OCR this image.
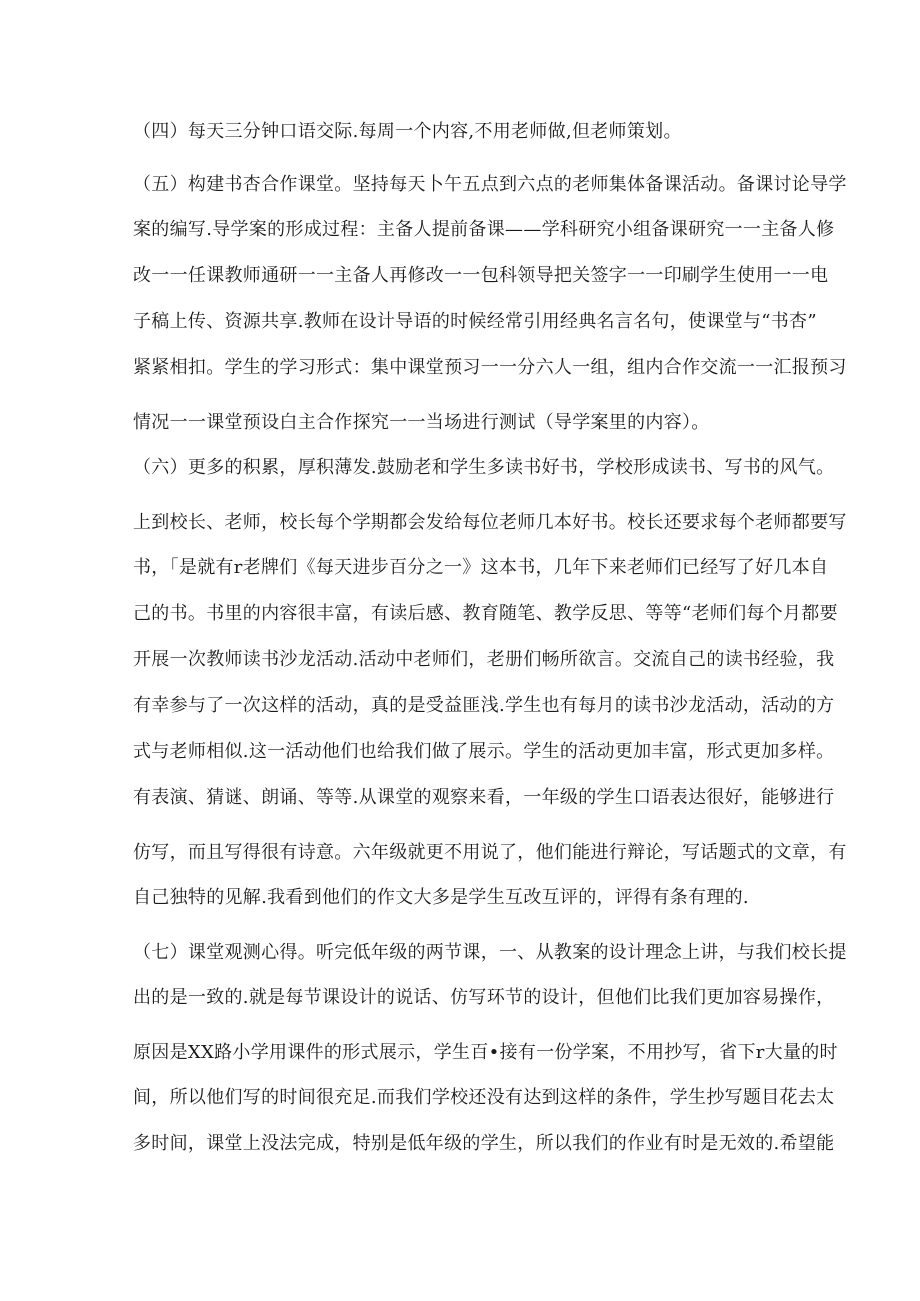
（四）每天三分钟口语交际.每周一个内容,不用老师做,但老师策划。
（五）构建书杏合作课堂。坚持每天卜午五点到六点的老师集体备课活动。备课讨论导学
案的编写.导学案的形成过程：主备人提前备课——学科研究小组备课研究一一主备人修
改一一任课教师通研一一主备人再修改一一包科领导把关签字一一印刷学生使用一一电
子稿上传、资源共享.教师在设计导语的时候经常引用经典名言名句，使课堂与“书杏”
紧紧相扣。学生的学习形式：集中课堂预习一一分六人一组，组内合作交流一一汇报预习
情况一一课堂预设白主合作探究一一当场进行测试（导学案里的内容）。
（六）更多的积累，厚积薄发.鼓励老和学生多读书好书，学校形成读书、写书的风气。
上到校长、老师，校长每个学期都会发给每位老师几本好书。校长还要求每个老师都要写
书，「是就有r老牌们《每天进步百分之一》这本书，几年下来老师们已经写了好几本自
己的书。书里的内容很丰富，有读后感、教育随笔、教学反思、等等“老师们每个月都要
开展一次教师读书沙龙活动.活动中老师们，老册们畅所欲言。交流自己的读书经验，我
有幸参与了一次这样的活动，真的是受益匪浅.学生也有每月的读书沙龙活动，活动的方
式与老师相似.这一活动他们也给我们做了展示。学生的活动更加丰富，形式更加多样。
有表演、猜谜、朗诵、等等.从课堂的观察来看，一年级的学生口语表达很好，能够进行
仿写，而且写得很有诗意。六年级就更不用说了，他们能进行辩论，写话题式的文章，有
自己独特的见解.我看到他们的作文大多是学生互改互评的，评得有条有理的.
（七）课堂观测心得。听完低年级的两节课，一、从教案的设计理念上讲，与我们校长提
出的是一致的.就是每节课设计的说话、仿写环节的设计，但他们比我们更加容易操作，
原因是XX路小学用课件的形式展示，学生百•接有一份学案，不用抄写，省下r大量的时
间，所以他们写的时间很充足.而我们学校还没有达到这样的条件，学生抄写题目花去太
多时间，课堂上没法完成，特别是低年级的学生，所以我们的作业有时是无效的.希望能
